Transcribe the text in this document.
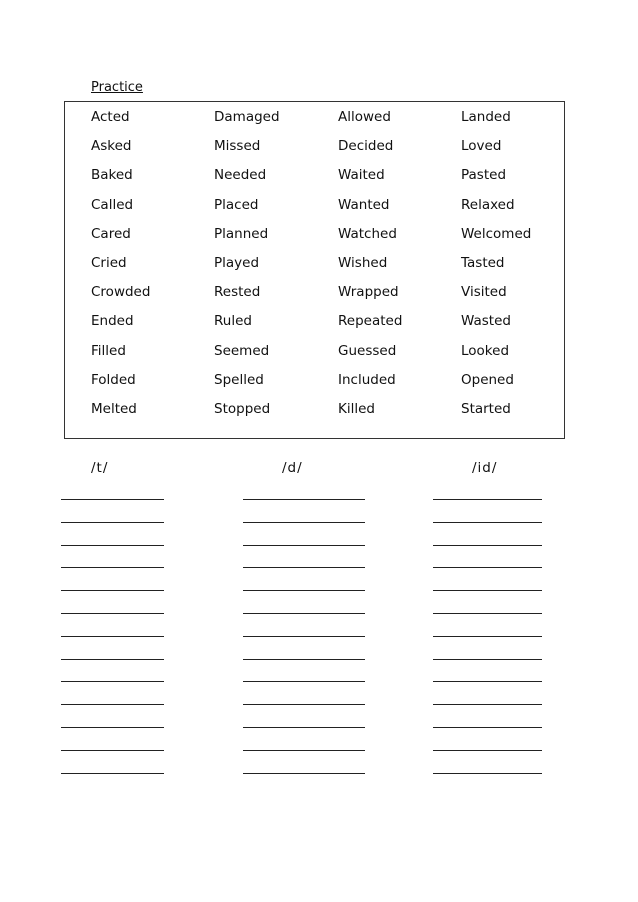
Practice
Acted
Asked
Baked
Called
Cared
Cried
Crowded
Ended
Filled
Folded
Melted
Damaged
Missed
Needed
Placed
Planned
Played
Rested
Ruled
Seemed
Spelled
Stopped
Allowed
Decided
Waited
Wanted
Watched
Wished
Wrapped
Repeated
Guessed
Included
Killed
Landed
Loved
Pasted
Relaxed
Welcomed
Tasted
Visited
Wasted
Looked
Opened
Started
/t/	/d/	/id/
